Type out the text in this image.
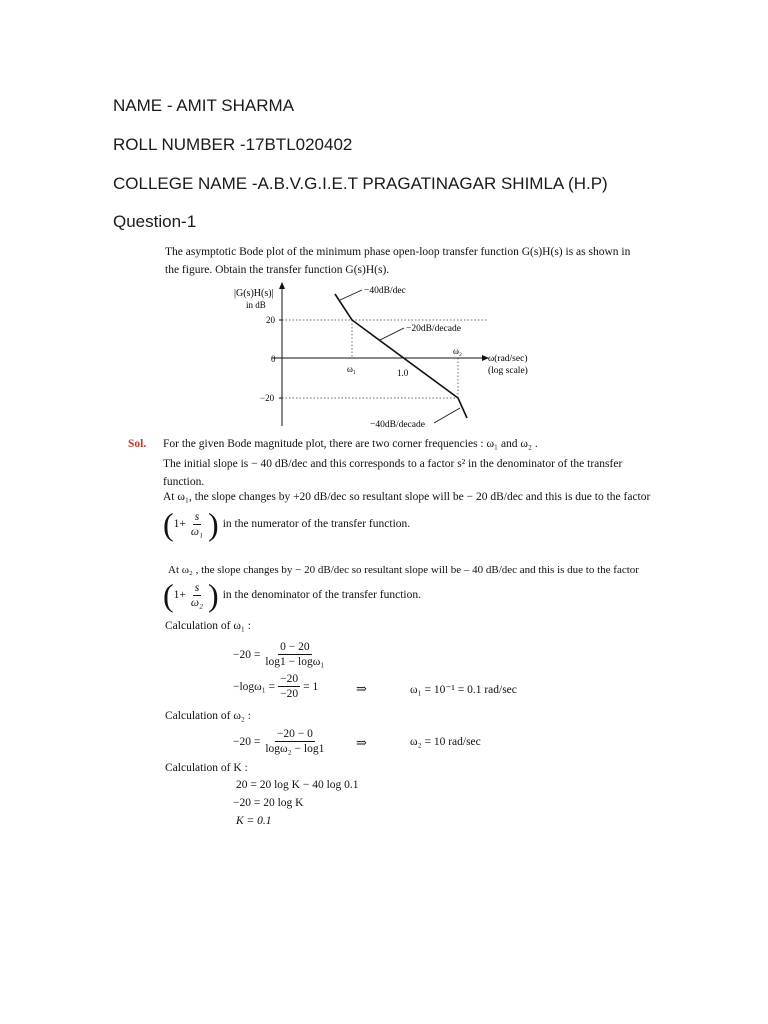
NAME - AMIT SHARMA
ROLL NUMBER -17BTL020402
COLLEGE NAME -A.B.V.G.I.E.T PRAGATINAGAR SHIMLA (H.P)
Question-1
The asymptotic Bode plot of the minimum phase open-loop transfer function G(s)H(s) is as shown in
the figure. Obtain the transfer function G(s)H(s).
|G(s)H(s)|
in dB
20
0
−20
ω₁	1.0
ω₂
ω(rad/sec)
(log scale)
−40dB/dec
−20dB/decade
−40dB/decade
Sol. For the given Bode magnitude plot, there are two corner frequencies : ω₁ and ω₂ .
The initial slope is − 40 dB/dec and this corresponds to a factor s² in the denominator of the transfer
function.
At ω₁, the slope changes by +20 dB/dec so resultant slope will be − 20 dB/dec and this is due to the factor
( $1+ \frac{s}{\text{ω₁}}$ ) in the numerator of the transfer function.
At ω₂ , the slope changes by − 20 dB/dec so resultant slope will be – 40 dB/dec and this is due to the factor
( $1+ \frac{s}{\text{ω₂}}$ ) in the denominator of the transfer function.
Calculation of ω₁ :
$-20 = \frac{0 - 20}{\text{log1 − logω₁}}$
$-\log\omega_1 = \frac{-20}{-20} = 1$	⇒	ω₁ = 10⁻¹ = 0.1 rad/sec
Calculation of ω₂ :
$-20 = \frac{-20 - 0}{\text{logω₂ − log1}}$ ⇒	ω₂ = 10 rad/sec
Calculation of K :
20 = 20 log K − 40 log 0.1
−20 = 20 log K
K = 0.1
